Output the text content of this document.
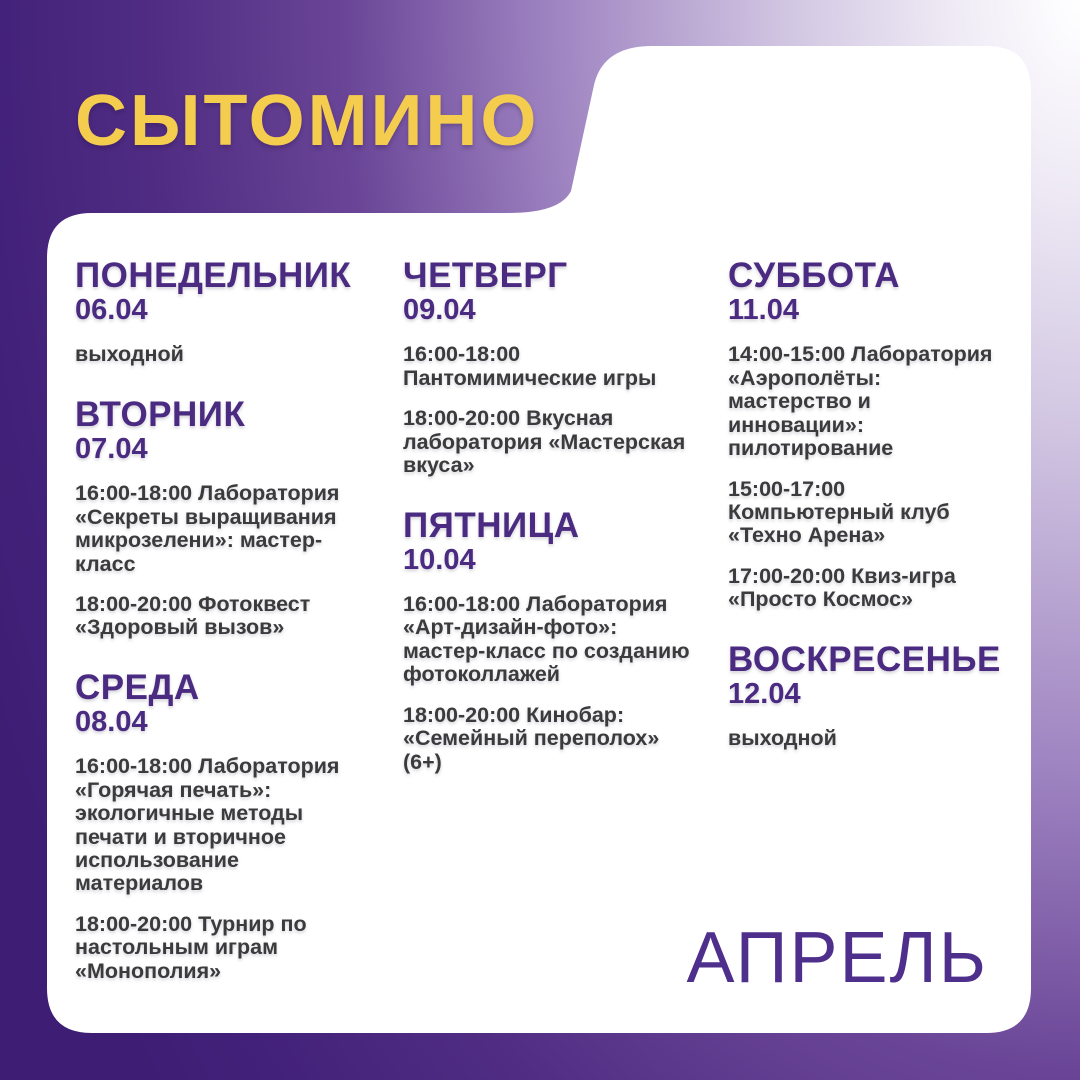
СЫТОМИНО
ПОНЕДЕЛЬНИК
06.04

выходной

ВТОРНИК
07.04

16:00-18:00 Лаборатория «Секреты выращивания микрозелени»: мастер-класс

18:00-20:00 Фотоквест «Здоровый вызов»

СРЕДА
08.04

16:00-18:00 Лаборатория «Горячая печать»: экологичные методы печати и вторичное использование материалов

18:00-20:00 Турнир по настольным играм «Монополия»

ЧЕТВЕРГ
09.04

16:00-18:00 Пантомимические игры

18:00-20:00 Вкусная лаборатория «Мастерская вкуса»

ПЯТНИЦА
10.04

16:00-18:00 Лаборатория «Арт-дизайн-фото»: мастер-класс по созданию фотоколлажей

18:00-20:00 Кинобар: «Семейный переполох» (6+)

СУББОТА
11.04

14:00-15:00 Лаборатория «Аэрополёты: мастерство и инновации»: пилотирование

15:00-17:00 Компьютерный клуб «Техно Арена»

17:00-20:00 Квиз-игра «Просто Космос»

ВОСКРЕСЕНЬЕ
12.04

выходной

АПРЕЛЬ
